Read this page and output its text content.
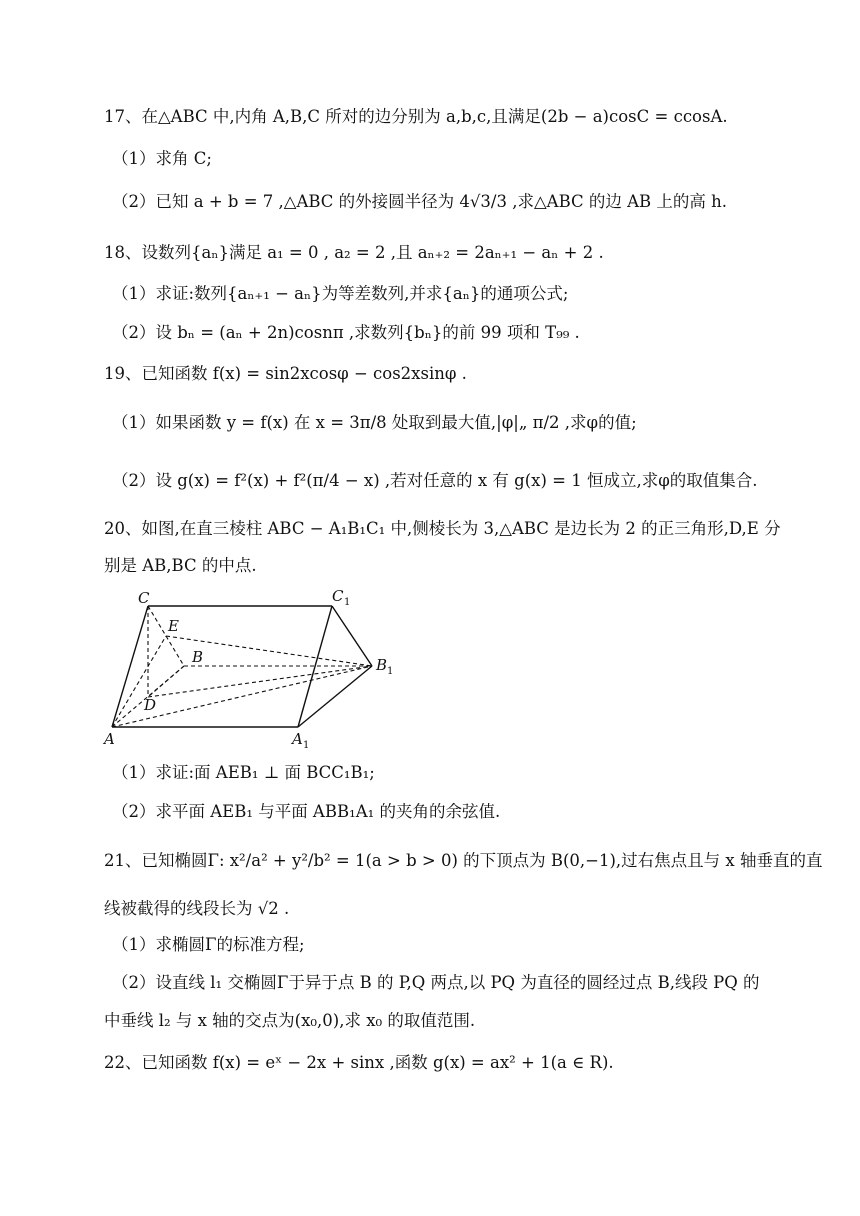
17、在△ABC 中,内角 A,B,C 所对的边分别为 a,b,c,且满足(2b − a)cosC = ccosA.
（1）求角 C;
（2）已知 a + b = 7 ,△ABC 的外接圆半径为 4√3/3 ,求△ABC 的边 AB 上的高 h.
18、设数列{aₙ}满足 a₁ = 0 , a₂ = 2 ,且 aₙ₊₂ = 2aₙ₊₁ − aₙ + 2 .
（1）求证:数列{aₙ₊₁ − aₙ}为等差数列,并求{aₙ}的通项公式;
（2）设 bₙ = (aₙ + 2n)cosnπ ,求数列{bₙ}的前 99 项和 T₉₉ .
19、已知函数 f(x) = sin2xcosφ − cos2xsinφ .
（1）如果函数 y = f(x) 在 x = 3π/8 处取到最大值,|φ|„ π/2 ,求φ的值;
（2）设 g(x) = f²(x) + f²(π/4 − x) ,若对任意的 x 有 g(x) = 1 恒成立,求φ的取值集合.
20、如图,在直三棱柱 ABC − A₁B₁C₁ 中,侧棱长为 3,△ABC 是边长为 2 的正三角形,D,E 分
别是 AB,BC 的中点.
C	C 1
E
B	B 1
D
A	A 1
（1）求证:面 AEB₁ ⊥ 面 BCC₁B₁;
（2）求平面 AEB₁ 与平面 ABB₁A₁ 的夹角的余弦值.
21、已知椭圆Γ: x²/a² + y²/b² = 1(a > b > 0) 的下顶点为 B(0,−1),过右焦点且与 x 轴垂直的直
线被截得的线段长为 √2 .
（1）求椭圆Γ的标准方程;
（2）设直线 l₁ 交椭圆Γ于异于点 B 的 P,Q 两点,以 PQ 为直径的圆经过点 B,线段 PQ 的
中垂线 l₂ 与 x 轴的交点为(x₀,0),求 x₀ 的取值范围.
22、已知函数 f(x) = eˣ − 2x + sinx ,函数 g(x) = ax² + 1(a ∈ R).
